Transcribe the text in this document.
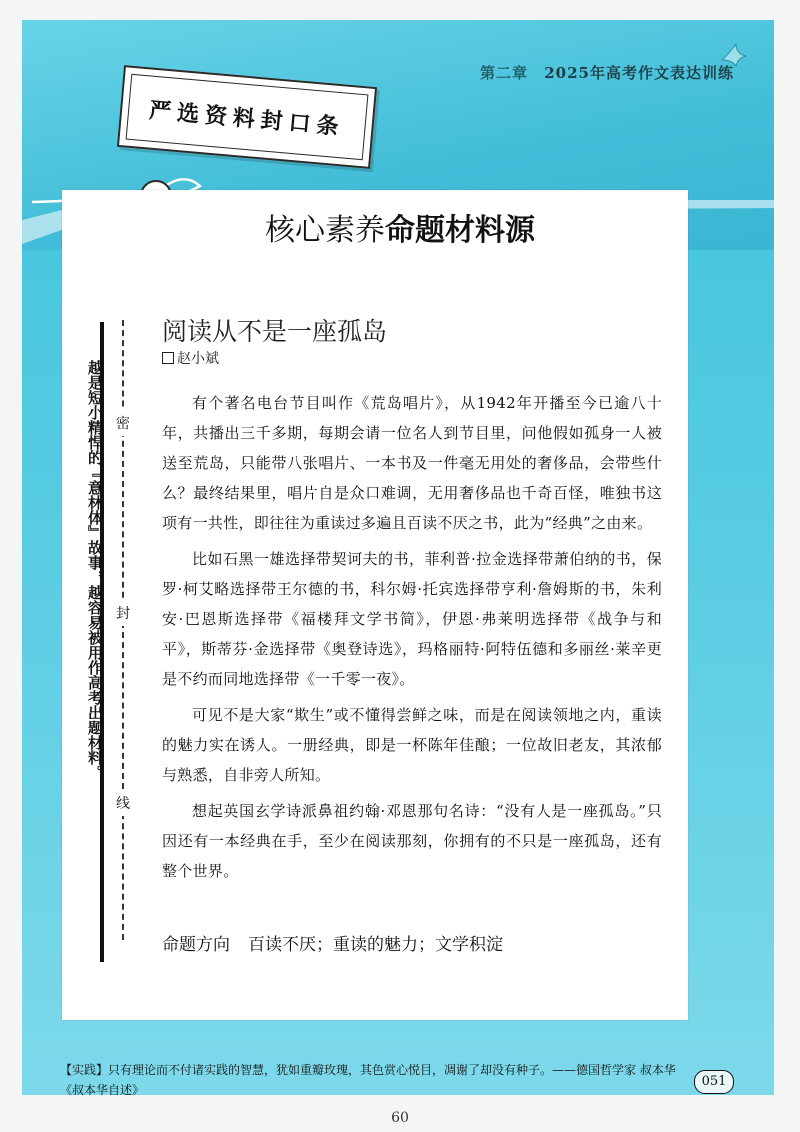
第二章 2025年高考作文表达训练
严选资料封口条
核心素养命题材料源
越是短小精悍的『意林体』故事，越容易被用作高考出题材料。 密
封
线
阅读从不是一座孤岛
赵小斌

有个著名电台节目叫作《荒岛唱片》，从1942年开播至今已逾八十年，共播出三千多期，每期会请一位名人到节目里，问他假如孤身一人被送至荒岛，只能带八张唱片、一本书及一件毫无用处的奢侈品，会带些什么？最终结果里，唱片自是众口难调，无用奢侈品也千奇百怪，唯独书这项有一共性，即往往为重读过多遍且百读不厌之书，此为“经典”之由来。

比如石黑一雄选择带契诃夫的书，菲利普·拉金选择带萧伯纳的书，保罗·柯艾略选择带王尔德的书，科尔姆·托宾选择带亨利·詹姆斯的书，朱利安·巴恩斯选择带《福楼拜文学书简》，伊恩·弗莱明选择带《战争与和平》，斯蒂芬·金选择带《奥登诗选》，玛格丽特·阿特伍德和多丽丝·莱辛更是不约而同地选择带《一千零一夜》。

可见不是大家“欺生”或不懂得尝鲜之味，而是在阅读领地之内，重读的魅力实在诱人。一册经典，即是一杯陈年佳酿；一位故旧老友，其浓郁与熟悉，自非旁人所知。

想起英国玄学诗派鼻祖约翰·邓恩那句名诗：“没有人是一座孤岛。”只因还有一本经典在手，至少在阅读那刻，你拥有的不只是一座孤岛，还有整个世界。

命题方向 百读不厌；重读的魅力；文学积淀
【实践】只有理论而不付诸实践的智慧，犹如重瓣玫瑰，其色赏心悦目，凋谢了却没有种子。——德国哲学家 叔本华《叔本华自述》
051
60
